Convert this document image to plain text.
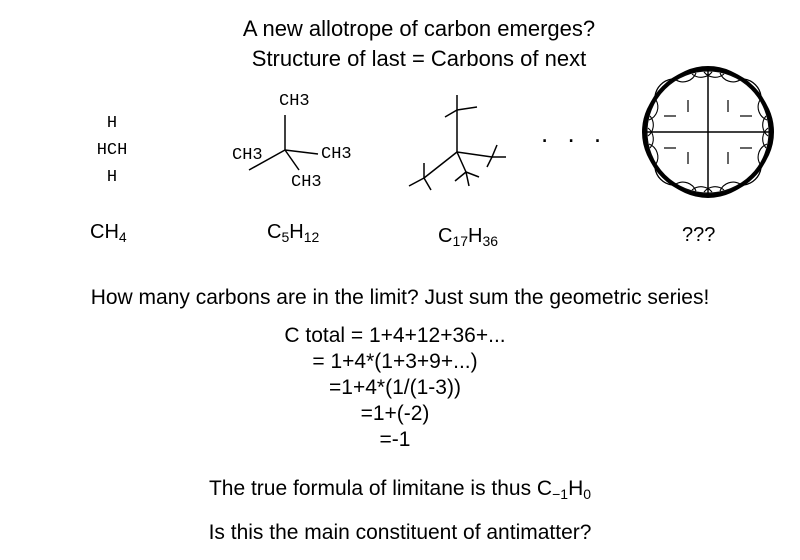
A new allotrope of carbon emerges?
Structure of last = Carbons of next
H
HCH
H
$CH_4$
CH3
CH3	CH3
CH3
$C_5H_{12}$	$C_{17}H_{36}$
. . .
???
How many carbons are in the limit? Just sum the geometric series!
C total = 1+4+12+36+...
= 1+4*(1+3+9+...)
=1+4*(1/(1-3))
=1+(-2)
=-1
The true formula of limitane is thus $C_{-1}H_0$
Is this the main constituent of antimatter?
